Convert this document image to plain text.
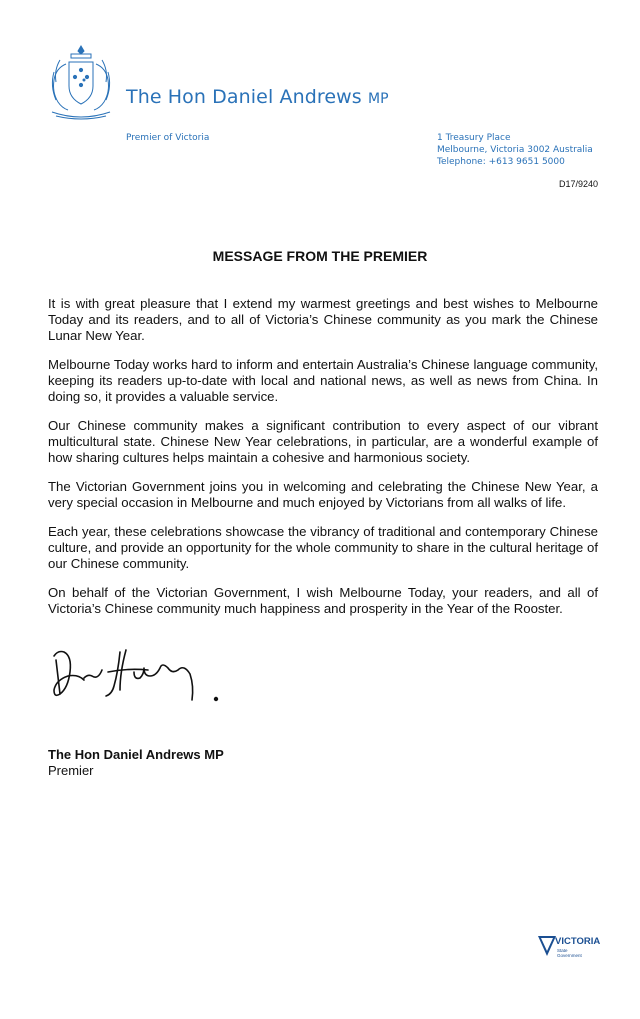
The Hon Daniel Andrews MP
Premier of Victoria	1 Treasury Place
Melbourne, Victoria 3002 Australia
Telephone: +613 9651 5000
D17/9240
MESSAGE FROM THE PREMIER

It is with great pleasure that I extend my warmest greetings and best wishes to Melbourne Today and its readers, and to all of Victoria’s Chinese community as you mark the Chinese Lunar New Year.

Melbourne Today works hard to inform and entertain Australia’s Chinese language community, keeping its readers up-to-date with local and national news, as well as news from China. In doing so, it provides a valuable service.

Our Chinese community makes a significant contribution to every aspect of our vibrant multicultural state. Chinese New Year celebrations, in particular, are a wonderful example of how sharing cultures helps maintain a cohesive and harmonious society.

The Victorian Government joins you in welcoming and celebrating the Chinese New Year, a very special occasion in Melbourne and much enjoyed by Victorians from all walks of life.

Each year, these celebrations showcase the vibrancy of traditional and contemporary Chinese culture, and provide an opportunity for the whole community to share in the cultural heritage of our Chinese community.

On behalf of the Victorian Government, I wish Melbourne Today, your readers, and all of Victoria’s Chinese community much happiness and prosperity in the Year of the Rooster.

The Hon Daniel Andrews MP
Premier
VICTORIA
State
Government
